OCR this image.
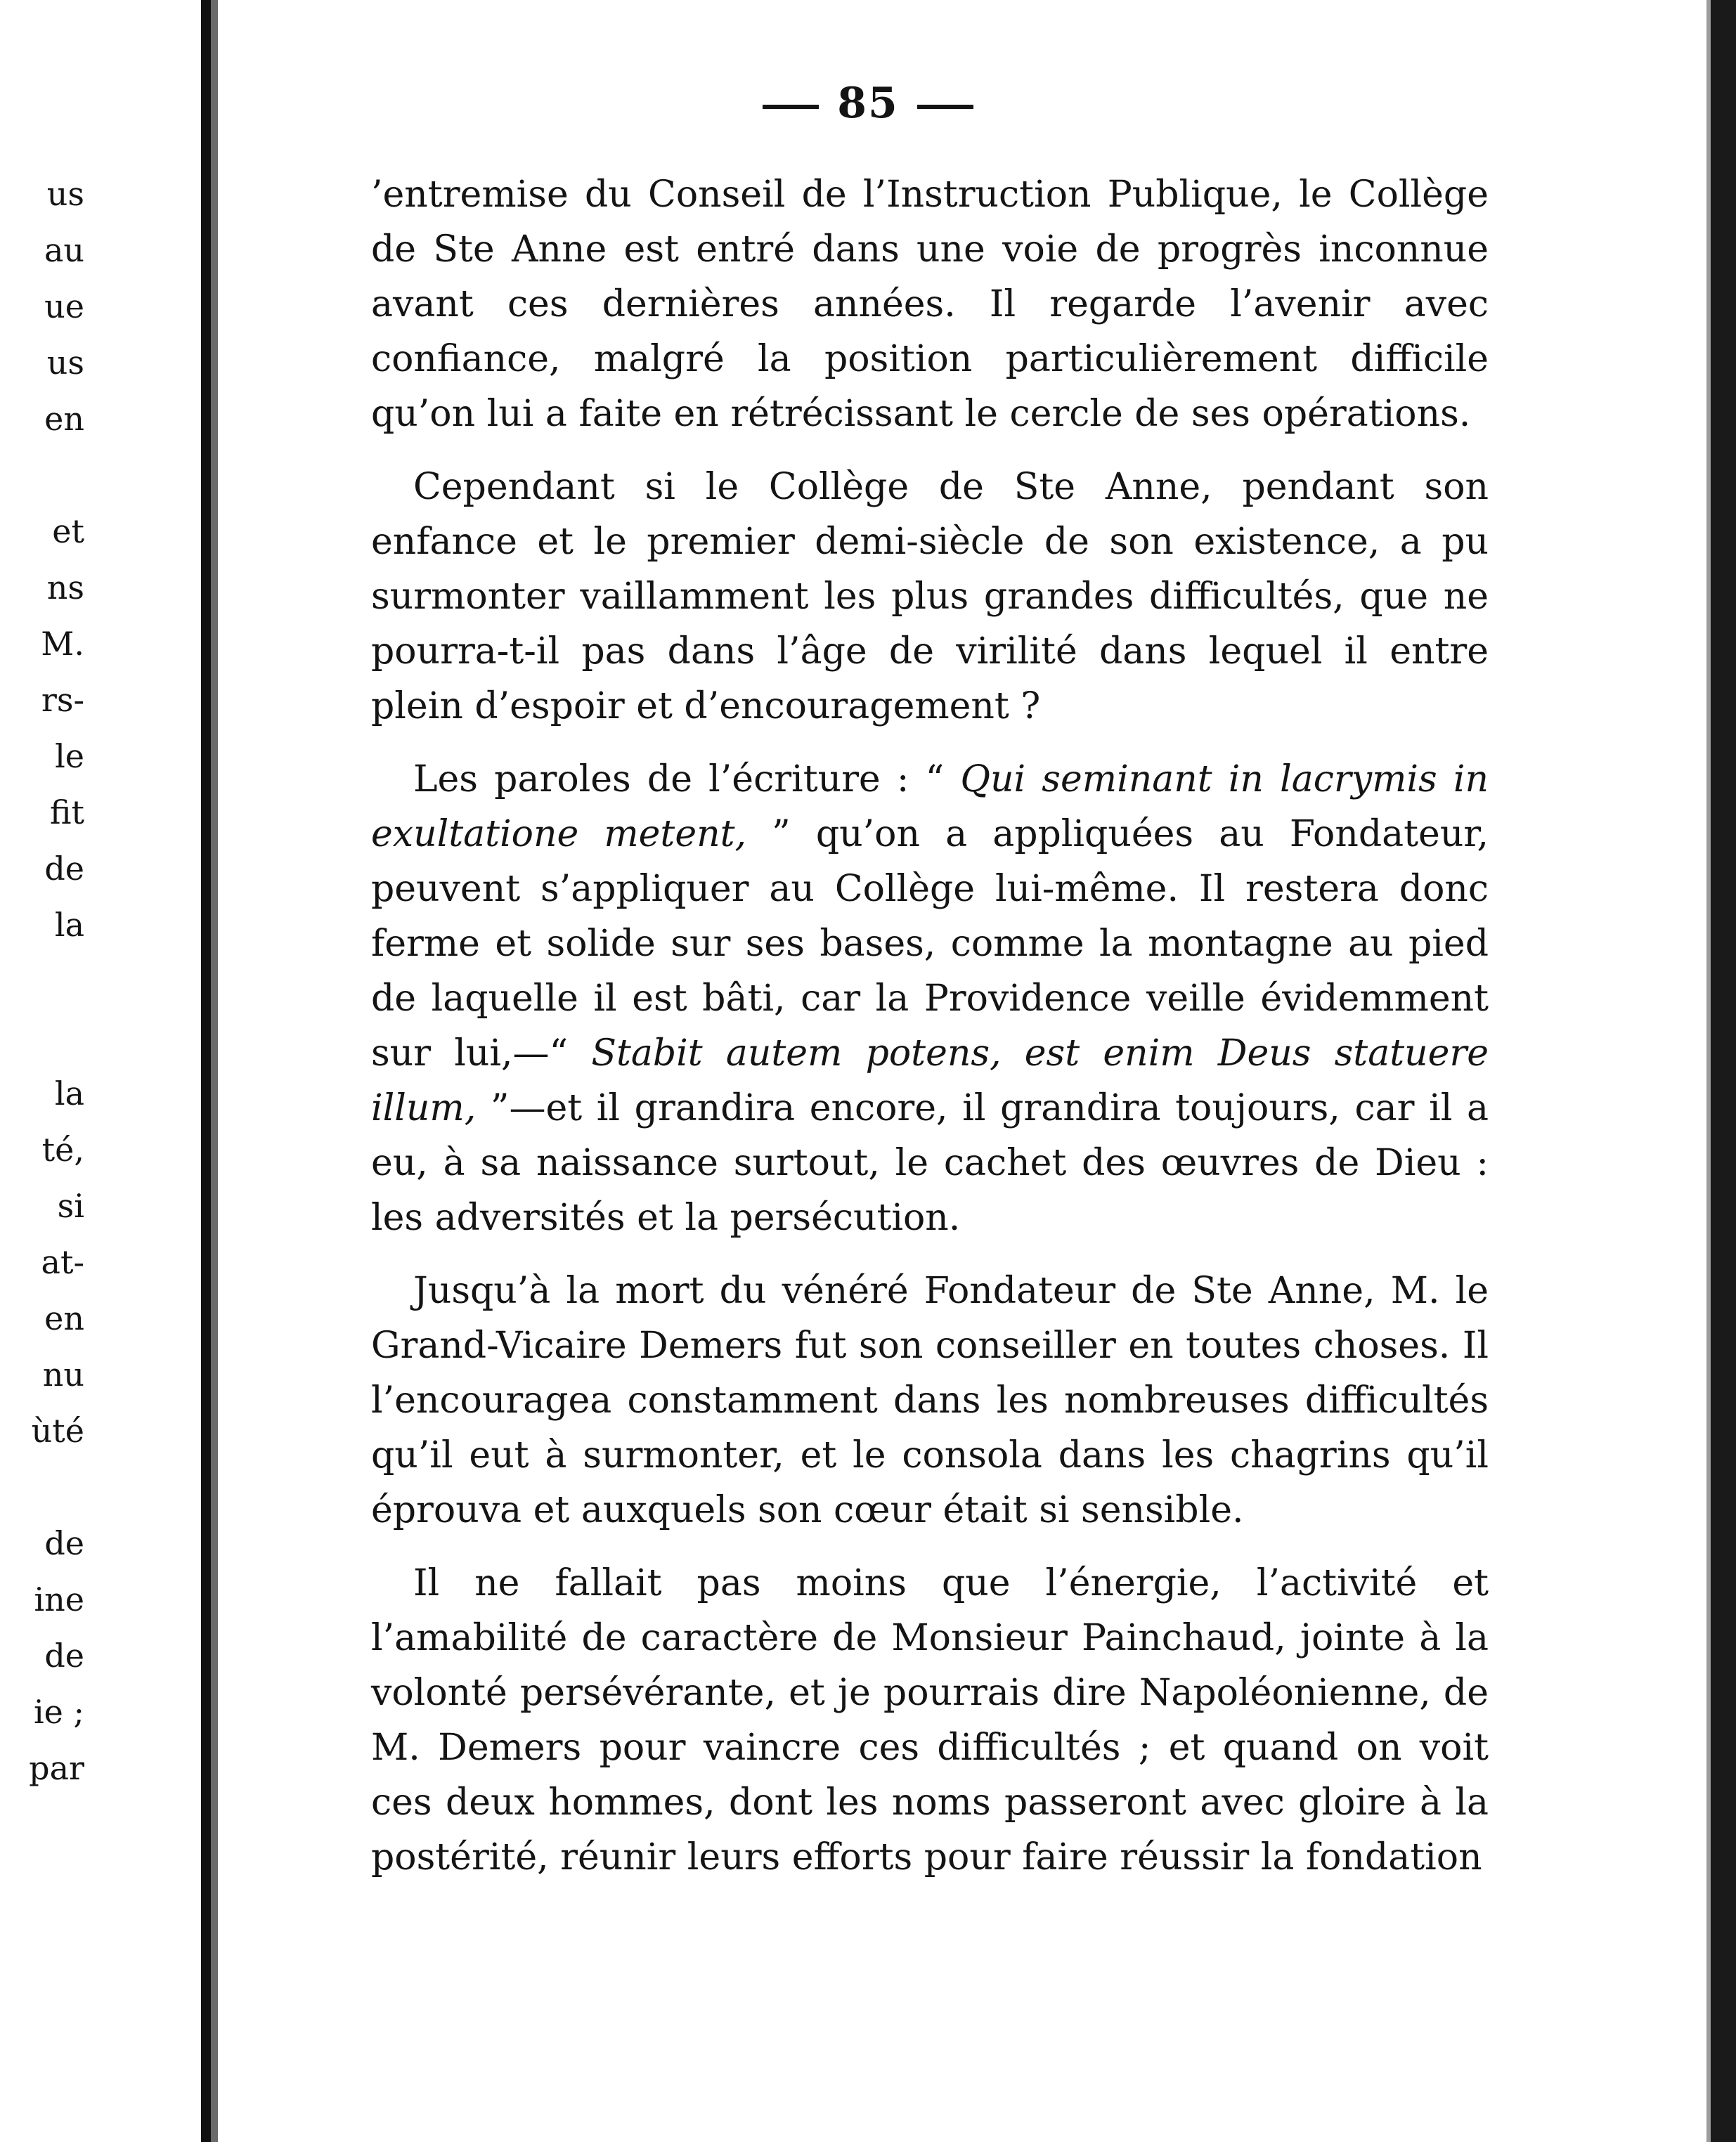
us
au
ue
us
en
et
ns
M.
rs-
le
fit
de
la
la
té,
si
at-
en
nu
ùté
de
ine
de
ie ;
par
85

’entremise du Conseil de l’Instruction Publique, le Collège de Ste Anne est entré dans une voie de progrès inconnue avant ces dernières années. Il regarde l’avenir avec confiance, malgré la position particulièrement difficile qu’on lui a faite en rétrécissant le cercle de ses opérations.

Cependant si le Collège de Ste Anne, pendant son enfance et le premier demi-siècle de son existence, a pu surmonter vaillamment les plus grandes difficultés, que ne pourra-t-il pas dans l’âge de virilité dans lequel il entre plein d’espoir et d’encouragement ?

Les paroles de l’écriture : “ Qui seminant in lacrymis in exultatione metent, ” qu’on a appliquées au Fondateur, peuvent s’appliquer au Collège lui-même. Il restera donc ferme et solide sur ses bases, comme la montagne au pied de laquelle il est bâti, car la Providence veille évidemment sur lui,—“ Stabit autem potens, est enim Deus statuere illum, ”—et il grandira encore, il grandira toujours, car il a eu, à sa naissance surtout, le cachet des œuvres de Dieu : les adversités et la persécution.

Jusqu’à la mort du vénéré Fondateur de Ste Anne, M. le Grand-Vicaire Demers fut son conseiller en toutes choses. Il l’encouragea constamment dans les nombreuses difficultés qu’il eut à surmonter, et le consola dans les chagrins qu’il éprouva et auxquels son cœur était si sensible.

Il ne fallait pas moins que l’énergie, l’activité et l’amabilité de caractère de Monsieur Painchaud, jointe à la volonté persévérante, et je pourrais dire Napoléonienne, de M. Demers pour vaincre ces difficultés ; et quand on voit ces deux hommes, dont les noms passeront avec gloire à la postérité, réunir leurs efforts pour faire réussir la fondation
